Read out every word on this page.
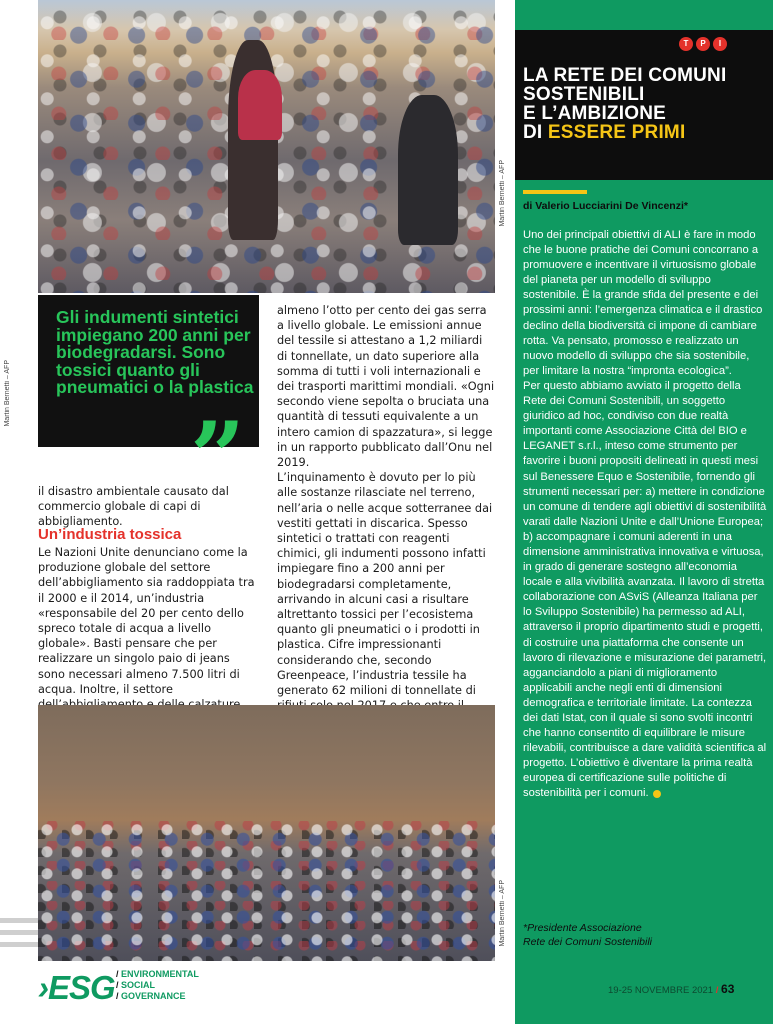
Martin Bernetti – AFP
Martin Bernetti – AFP
Gli indumenti sintetici impiegano 200 anni per biodegradarsi. Sono tossici quanto gli pneumatici o la plastica
”

il disastro ambientale causato dal commercio globale di capi di abbigliamento.

Un’industria tossica

Le Nazioni Unite denunciano come la produzione globale del settore dell’abbigliamento sia raddoppiata tra il 2000 e il 2014, un’industria «responsabile del 20 per cento dello spreco totale di acqua a livello globale». Basti pensare che per realizzare un singolo paio di jeans sono necessari almeno 7.500 litri di acqua. Inoltre, il settore

almeno l’otto per cento dei gas serra a livello globale. Le emissioni annue del tessile si attestano a 1,2 miliardi di tonnellate, un dato superiore alla somma di tutti i voli internazionali e dei trasporti marittimi mondiali. «Ogni secondo viene sepolta o bruciata una quantità di tessuti equivalente a un intero camion di spazzatura», si legge in un rapporto pubblicato dall’Onu nel 2019.

L’inquinamento è dovuto per lo più alle sostanze rilasciate nel terreno, nell’aria o nelle acque sotterranee dai vestiti gettati in discarica. Spesso sintetici o trattati con reagenti chimici, gli indumenti possono infatti impiegare fino a 200 anni per biodegradarsi completamente, arrivando in alcuni casi a risultare altrettanto tossici per l’ecosistema quanto gli pneumatici o i prodotti in plastica. Cifre impressionanti considerando che, secondo Greenpeace, l’industria tessile ha generato 62 milioni di tonnellate di

Martin Bernetti – AFP
T P I
LA RETE DEI COMUNI
SOSTENIBILI
E L’AMBIZIONE
DI ESSERE PRIMI
di Valerio Lucciarini De Vincenzi*

Uno dei principali obiettivi di ALI è fare in modo che le buone pratiche dei Comuni concorrano a promuovere e incentivare il virtuosismo globale del pianeta per un modello di sviluppo sostenibile. È la grande sfida del presente e dei prossimi anni: l’emergenza climatica e il drastico declino della biodiversità ci impone di cambiare rotta. Va pensato, promosso e realizzato un nuovo modello di sviluppo che sia sostenibile, per limitare la nostra “impronta ecologica”.

Per questo abbiamo avviato il progetto della Rete dei Comuni Sostenibili, un soggetto giuridico ad hoc, condiviso con due realtà importanti come Associazione Città del BIO e LEGANET s.r.l., inteso come strumento per favorire i buoni propositi delineati in questi mesi sul Benessere Equo e Sostenibile, fornendo gli strumenti necessari per: a) mettere in condizione un comune di tendere agli obiettivi di sostenibilità varati dalle Nazioni Unite e dall’Unione Europea; b) accompagnare i comuni aderenti in una dimensione amministrativa innovativa e virtuosa, in grado di generare sostegno all’economia locale e alla vivibilità avanzata. Il lavoro di stretta collaborazione con ASviS (Alleanza Italiana per lo Sviluppo Sostenibile) ha permesso ad ALI, attraverso il proprio dipartimento studi e progetti, di costruire una piattaforma che consente un lavoro di rilevazione e misurazione dei parametri, agganciandolo a piani di miglioramento applicabili anche negli enti di dimensioni demografica e territoriale limitate. La contezza dei dati Istat, con il quale si sono svolti incontri che hanno consentito di equilibrare le misure rilevabili, contribuisce a dare validità scientifica al progetto. L’obiettivo è diventare la prima realtà europea di certificazione sulle politiche di sostenibilità per i comuni.

*Presidente Associazione
Rete dei Comuni Sostenibili
›ESG / ENVIRONMENTAL
/ SOCIAL
/ GOVERNANCE	19-25 NOVEMBRE 2021 / 63
